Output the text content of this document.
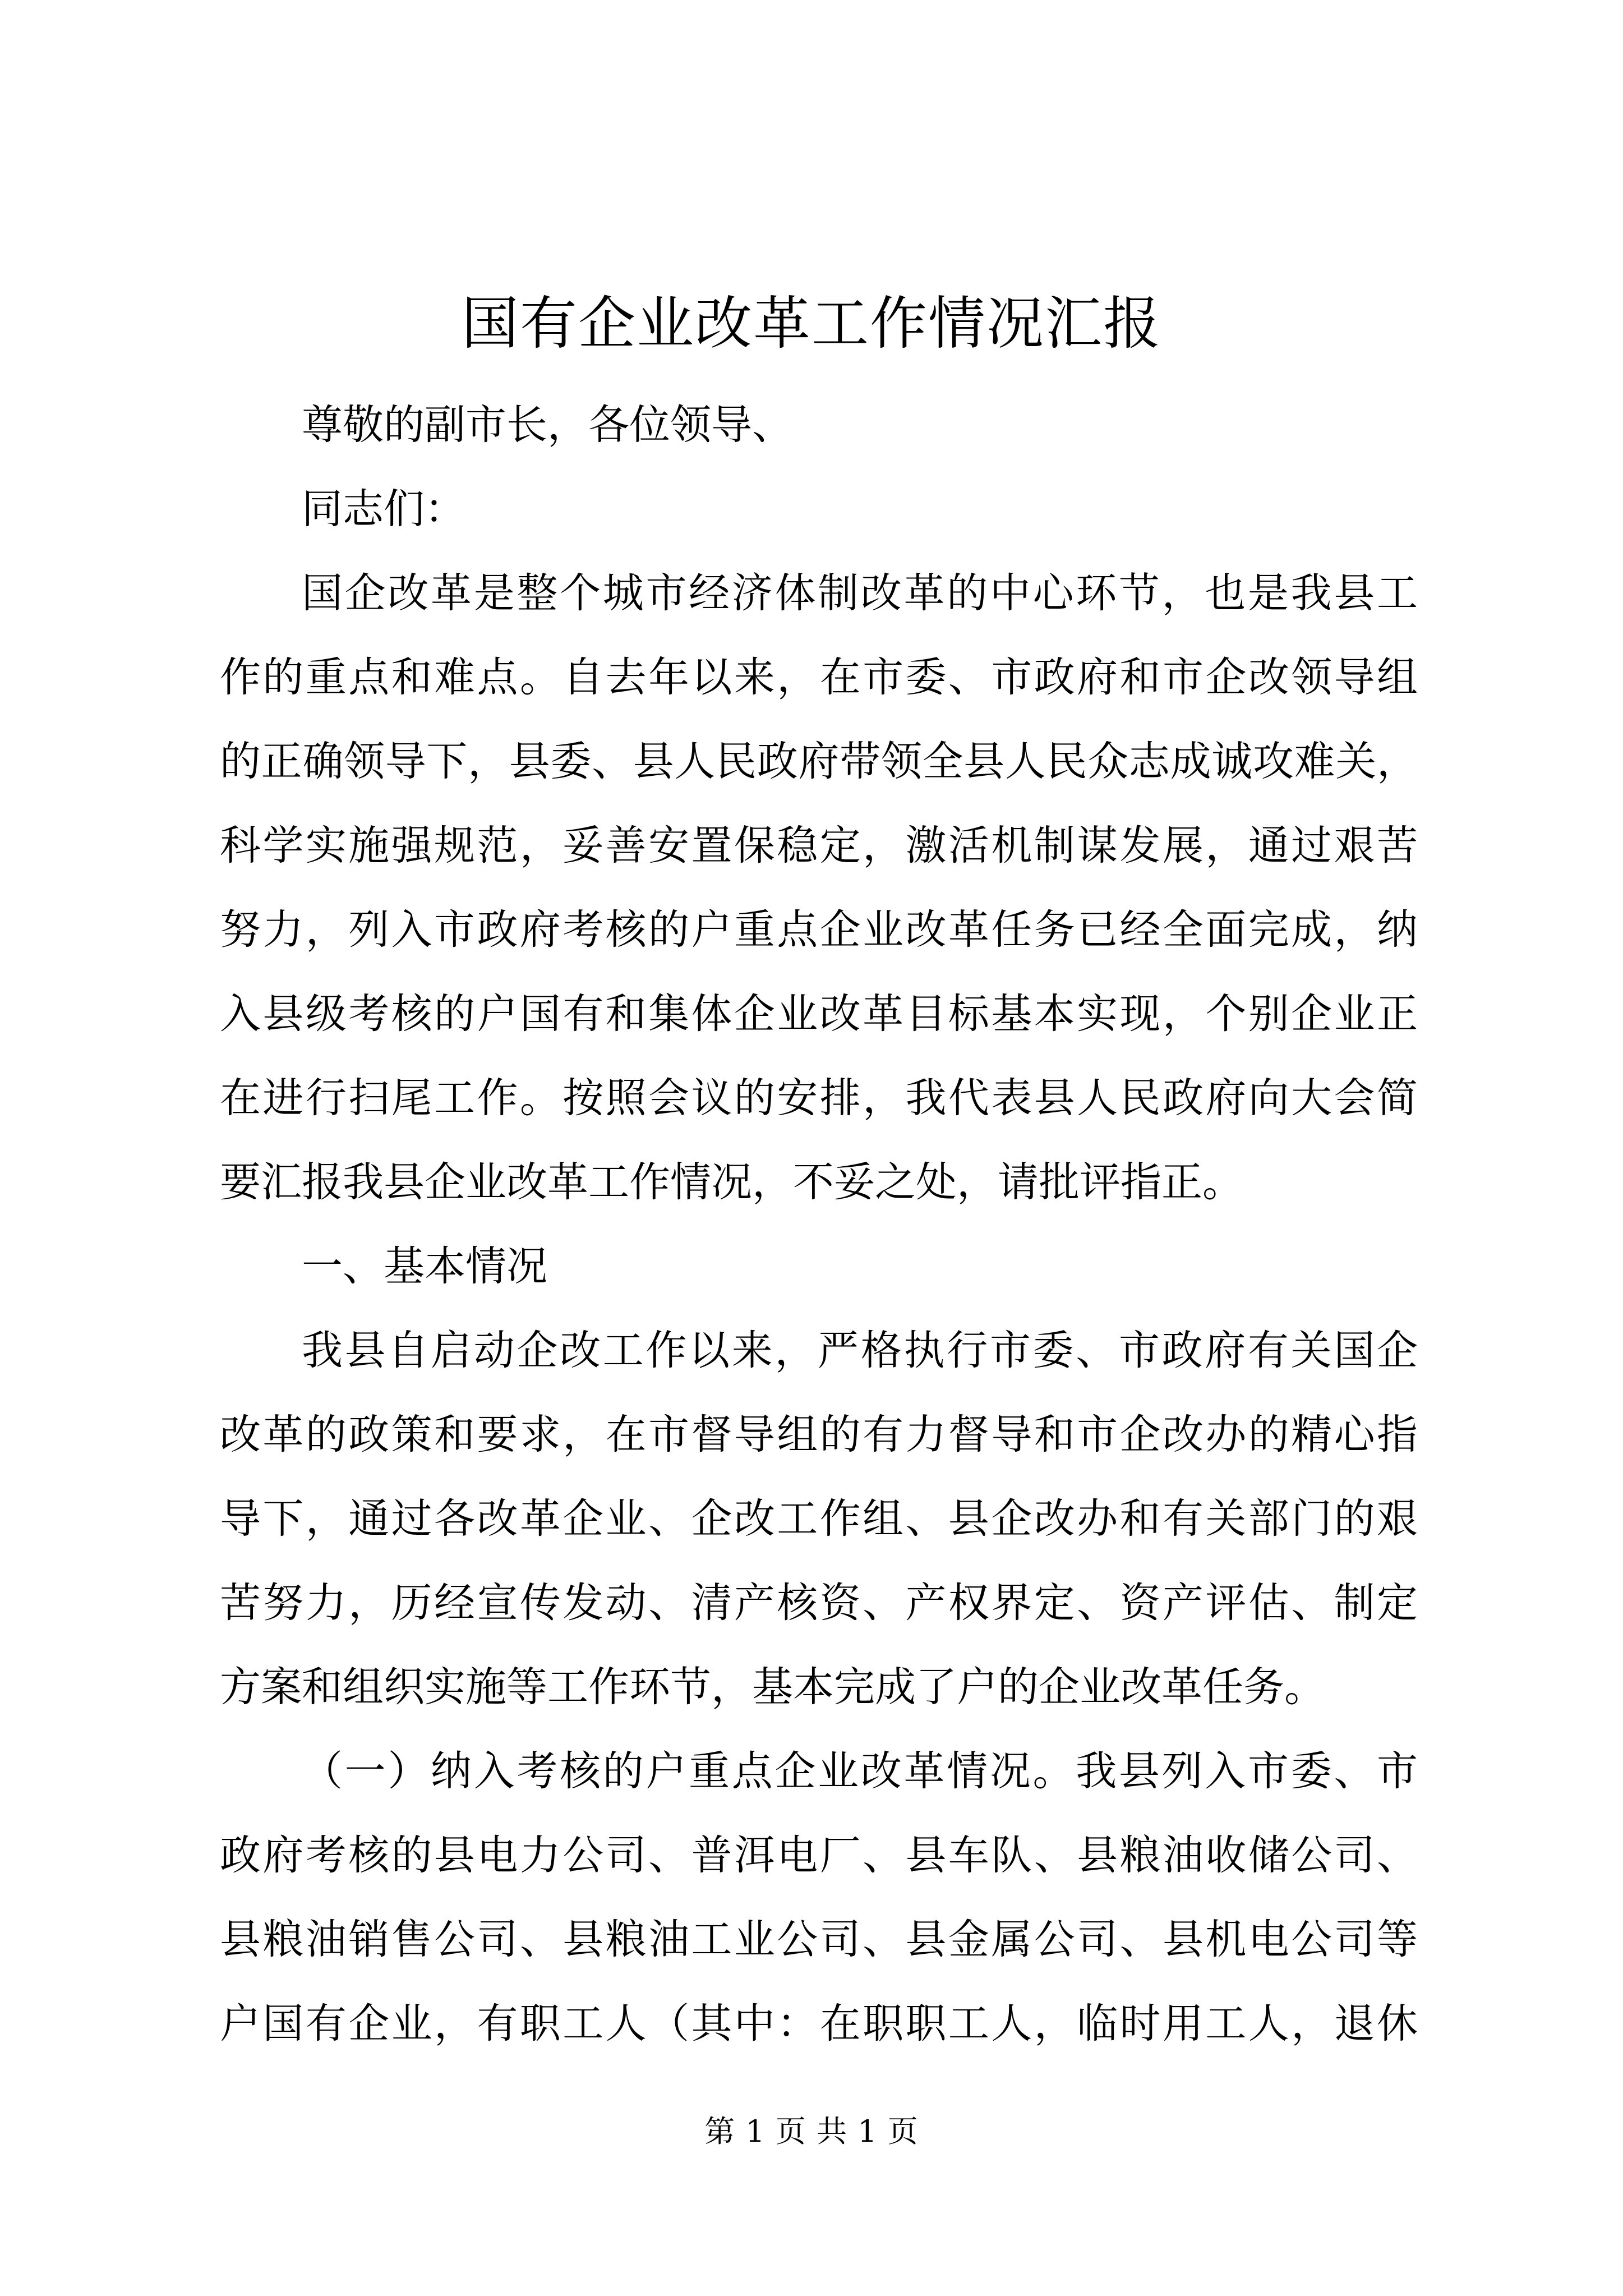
国有企业改革工作情况汇报

尊敬的副市长，各位领导、

同志们：

国企改革是整个城市经济体制改革的中心环节，也是我县工
作的重点和难点。自去年以来，在市委、市政府和市企改领导组
的正确领导下，县委、县人民政府带领全县人民众志成诚攻难关，
科学实施强规范，妥善安置保稳定，激活机制谋发展，通过艰苦
努力，列入市政府考核的户重点企业改革任务已经全面完成，纳
入县级考核的户国有和集体企业改革目标基本实现，个别企业正
在进行扫尾工作。按照会议的安排，我代表县人民政府向大会简
要汇报我县企业改革工作情况，不妥之处，请批评指正。

一、基本情况

我县自启动企改工作以来，严格执行市委、市政府有关国企
改革的政策和要求，在市督导组的有力督导和市企改办的精心指
导下，通过各改革企业、企改工作组、县企改办和有关部门的艰
苦努力，历经宣传发动、清产核资、产权界定、资产评估、制定
方案和组织实施等工作环节，基本完成了户的企业改革任务。
（一）纳入考核的户重点企业改革情况。我县列入市委、市
政府考核的县电力公司、普洱电厂、县车队、县粮油收储公司、
县粮油销售公司、县粮油工业公司、县金属公司、县机电公司等
户国有企业，有职工人（其中：在职职工人，临时用工人，退休
第 1 页 共 1 页
